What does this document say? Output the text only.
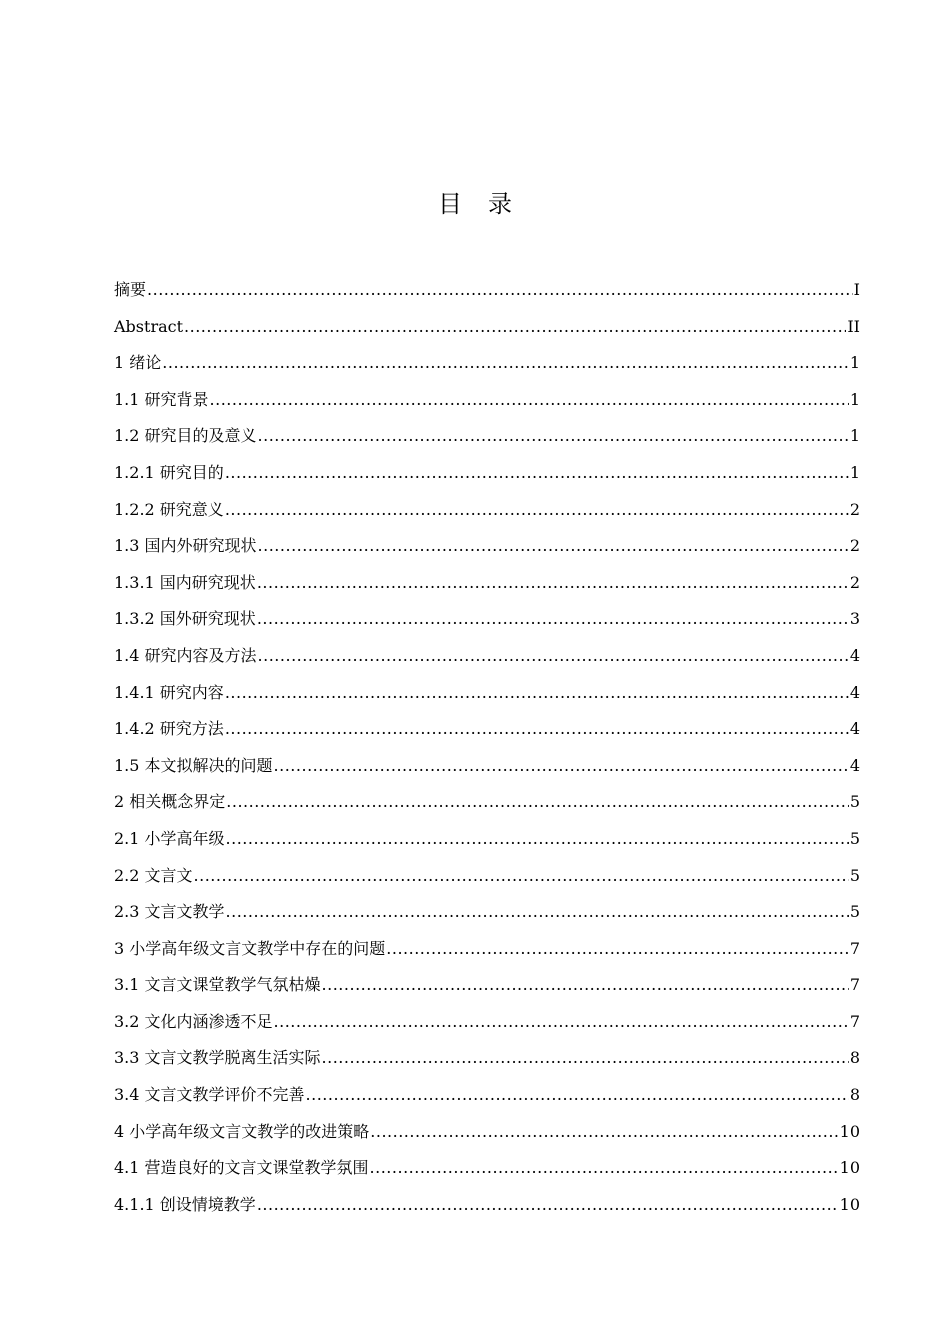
目录
摘要 .....	I
Abstract .....	II
1 绪论 .....	1
1.1 研究背景 .....	1
1.2 研究目的及意义 .....	1
1.2.1 研究目的 .....	1
1.2.2 研究意义 .....	2
1.3 国内外研究现状 .....	2
1.3.1 国内研究现状 .....	2
1.3.2 国外研究现状 .....	3
1.4 研究内容及方法 .....	4
1.4.1 研究内容 .....	4
1.4.2 研究方法 .....	4
1.5 本文拟解决的问题 .....	4
2 相关概念界定 .....	5
2.1 小学高年级 .....	5
2.2 文言文 .....	5
2.3 文言文教学 .....	5
3 小学高年级文言文教学中存在的问题 .....	7
3.1 文言文课堂教学气氛枯燥 .....	7
3.2 文化内涵渗透不足 .....	7
3.3 文言文教学脱离生活实际 .....	8
3.4 文言文教学评价不完善 .....	8
4 小学高年级文言文教学的改进策略 .....	10
4.1 营造良好的文言文课堂教学氛围 .....	10
4.1.1 创设情境教学 .....	10
